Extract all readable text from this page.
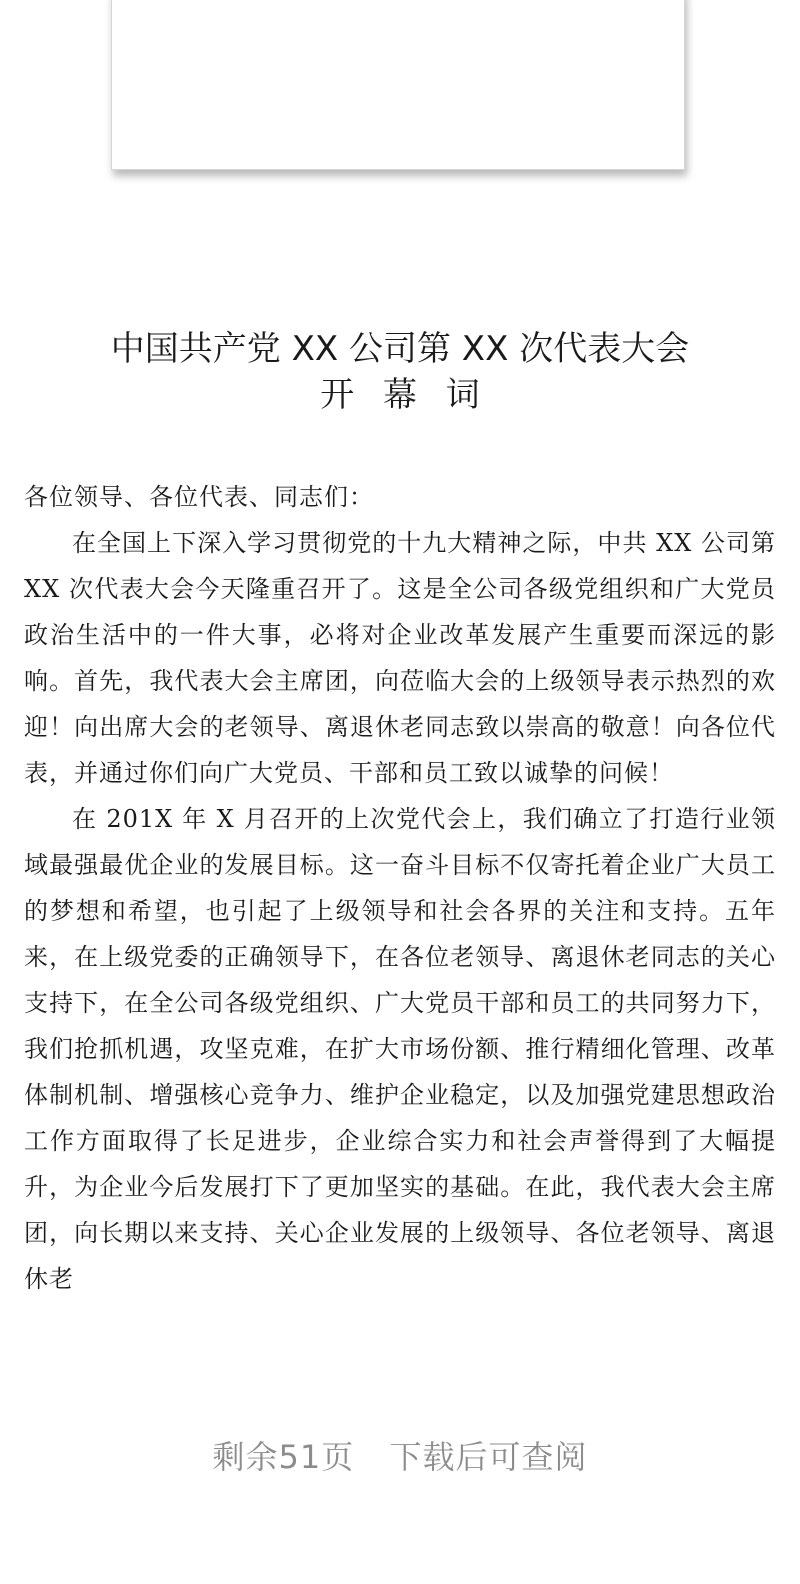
中国共产党 XX 公司第 XX 次代表大会
开 幕 词
各位领导、各位代表、同志们：

在全国上下深入学习贯彻党的十九大精神之际，中共 XX 公司第 XX 次代表大会今天隆重召开了。这是全公司各级党组织和广大党员政治生活中的一件大事，必将对企业改革发展产生重要而深远的影响。首先，我代表大会主席团，向莅临大会的上级领导表示热烈的欢迎！向出席大会的老领导、离退休老同志致以崇高的敬意！向各位代表，并通过你们向广大党员、干部和员工致以诚挚的问候！

在 201X 年 X 月召开的上次党代会上，我们确立了打造行业领域最强最优企业的发展目标。这一奋斗目标不仅寄托着企业广大员工的梦想和希望，也引起了上级领导和社会各界的关注和支持。五年来，在上级党委的正确领导下，在各位老领导、离退休老同志的关心支持下，在全公司各级党组织、广大党员干部和员工的共同努力下，我们抢抓机遇，攻坚克难，在扩大市场份额、推行精细化管理、改革体制机制、增强核心竞争力、维护企业稳定，以及加强党建思想政治工作方面取得了长足进步，企业综合实力和社会声誉得到了大幅提升，为企业今后发展打下了更加坚实的基础。在此，我代表大会主席团，向长期以来支持、关心企业发展的上级领导、各位老领导、离退休老

剩余51页 下载后可查阅
